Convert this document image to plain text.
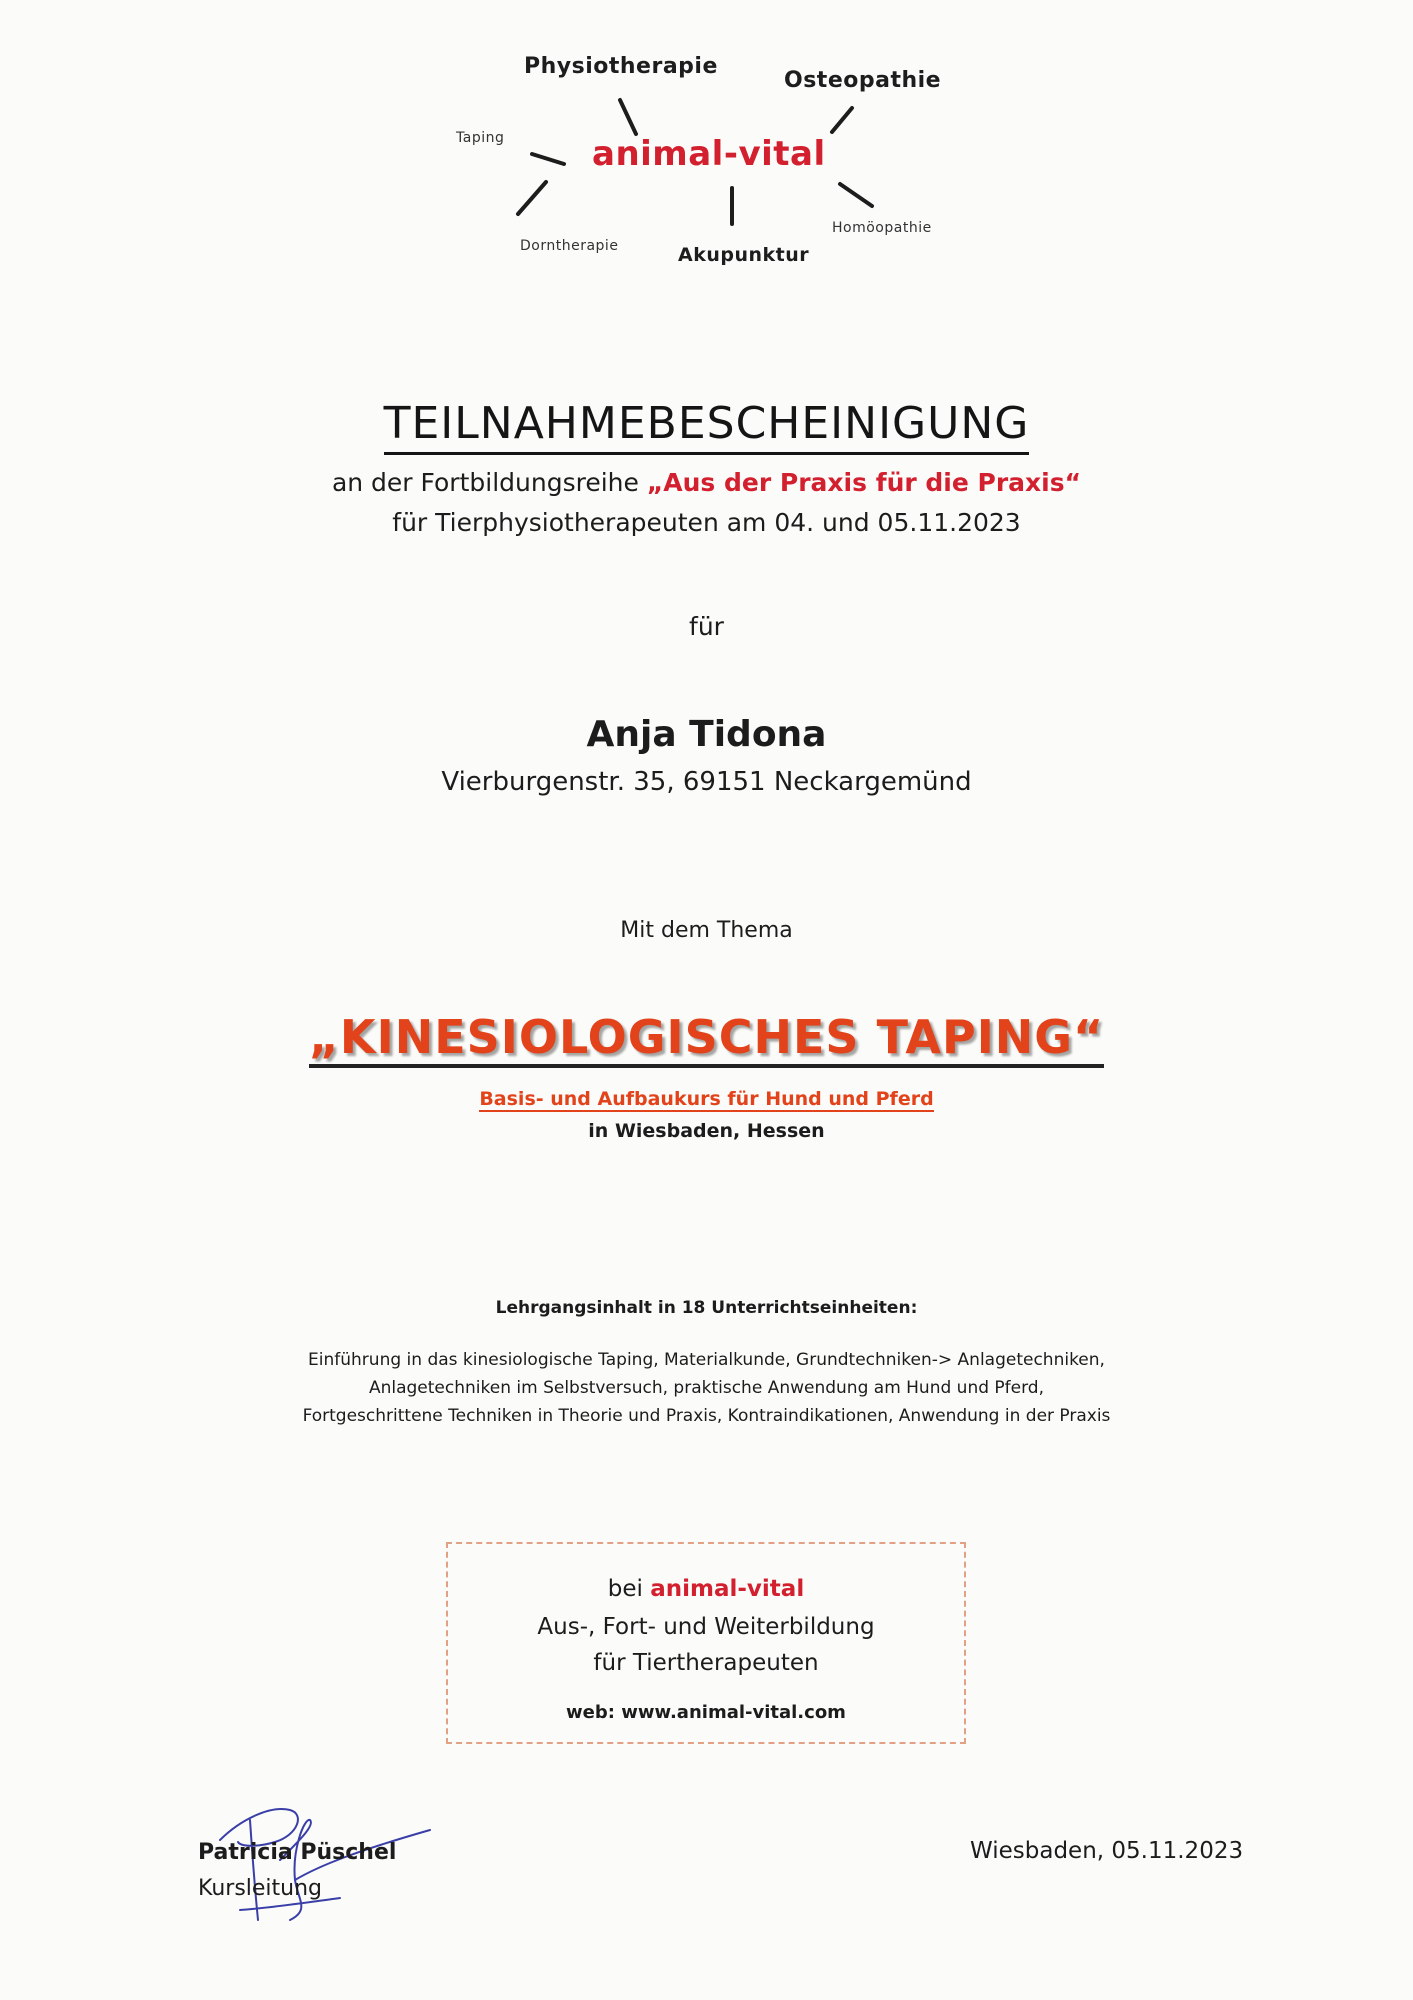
Physiotherapie
Osteopathie
Taping	animal-vital
Dorntherapie	Akupunktur
Homöopathie
TEILNAHMEBESCHEINIGUNG
an der Fortbildungsreihe „Aus der Praxis für die Praxis“
für Tierphysiotherapeuten am 04. und 05.11.2023
für
Anja Tidona
Vierburgenstr. 35, 69151 Neckargemünd
Mit dem Thema
„KINESIOLOGISCHES TAPING“
Basis- und Aufbaukurs für Hund und Pferd
in Wiesbaden, Hessen
Lehrgangsinhalt in 18 Unterrichtseinheiten:
Einführung in das kinesiologische Taping, Materialkunde, Grundtechniken-> Anlagetechniken,
Anlagetechniken im Selbstversuch, praktische Anwendung am Hund und Pferd,
Fortgeschrittene Techniken in Theorie und Praxis, Kontraindikationen, Anwendung in der Praxis
bei animal-vital
Aus-, Fort- und Weiterbildung
für Tiertherapeuten
web: www.animal-vital.com
Patricia Püschel
Kursleitung
Wiesbaden, 05.11.2023
